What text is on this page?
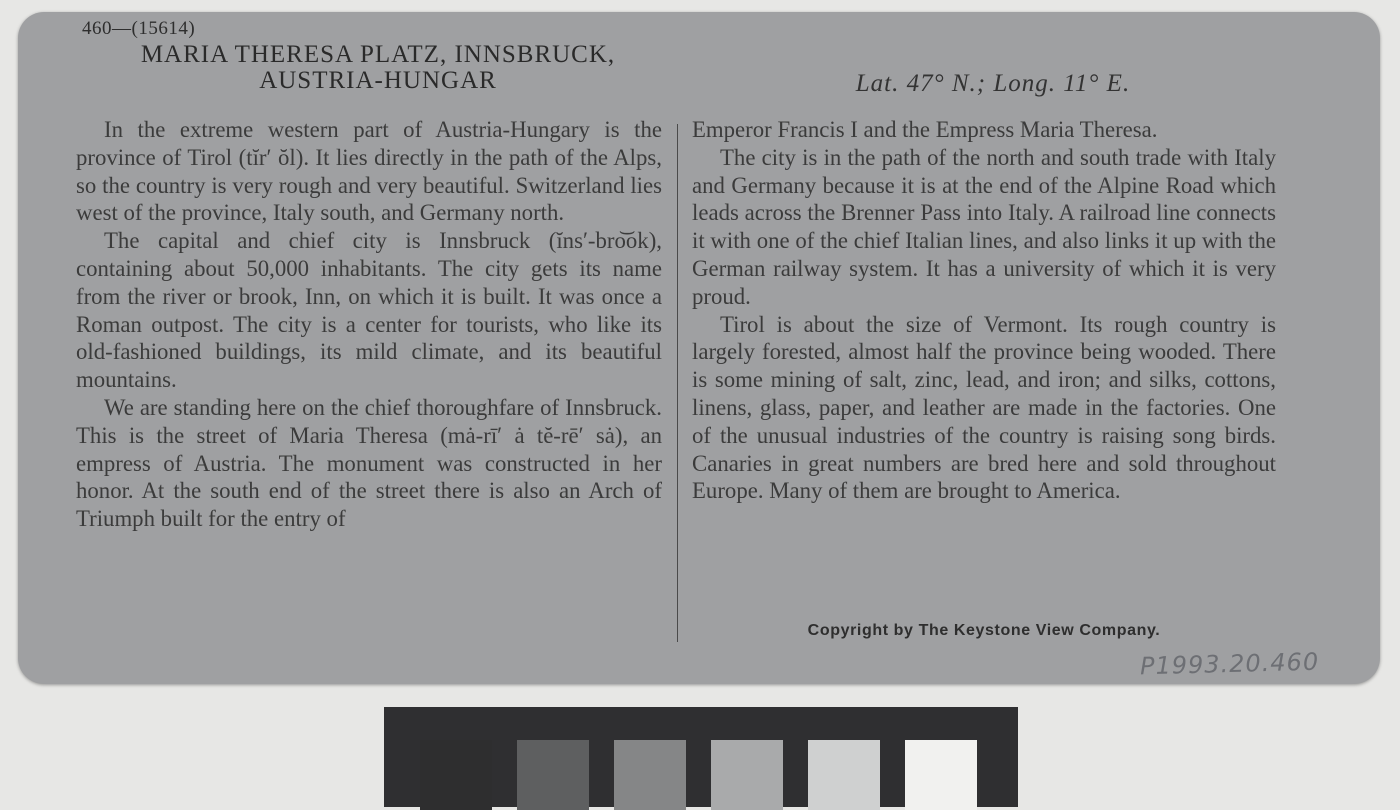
460—(15614)
MARIA THERESA PLATZ, INNSBRUCK,
AUSTRIA-HUNGAR	Lat. 47° N.; Long. 11° E.

In the extreme western part of Austria-Hungary is the province of Tirol (tĭr′ ŏl). It lies directly in the path of the Alps, so the country is very rough and very beautiful. Switzerland lies west of the province, Italy south, and Germany north.

The capital and chief city is Innsbruck (ĭns′-bro͝ok), containing about 50,000 inhabitants. The city gets its name from the river or brook, Inn, on which it is built. It was once a Roman outpost. The city is a center for tourists, who like its old-fashioned buildings, its mild climate, and its beautiful mountains.

We are standing here on the chief thoroughfare of Innsbruck. This is the street of Maria Theresa (mȧ-rī′ ȧ tĕ-rē′ sȧ), an empress of Austria. The monument was constructed in her honor. At the south end of the street there is also an Arch of Triumph built for the entry of

Emperor Francis I and the Empress Maria Theresa.

The city is in the path of the north and south trade with Italy and Germany because it is at the end of the Alpine Road which leads across the Brenner Pass into Italy. A railroad line connects it with one of the chief Italian lines, and also links it up with the German railway system. It has a university of which it is very proud.

Tirol is about the size of Vermont. Its rough country is largely forested, almost half the province being wooded. There is some mining of salt, zinc, lead, and iron; and silks, cottons, linens, glass, paper, and leather are made in the factories. One of the unusual industries of the country is raising song birds. Canaries in great numbers are bred here and sold throughout Europe. Many of them are brought to America.

Copyright by The Keystone View Company.
P1993.20.460
